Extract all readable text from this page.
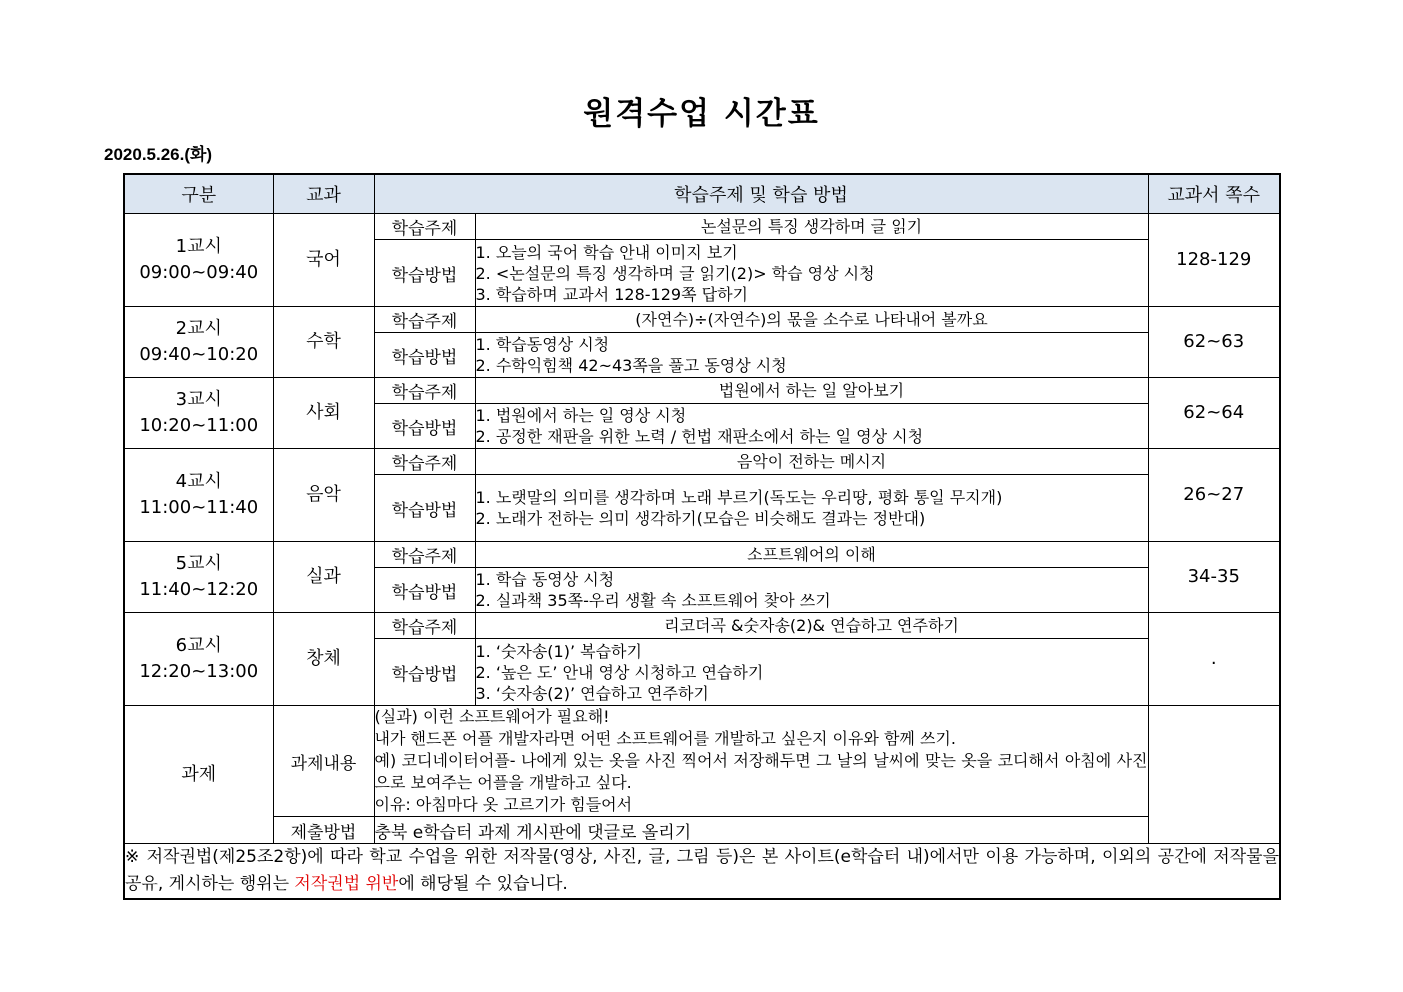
원격수업 시간표
2020.5.26.(화)
구분	교과	학습주제 및 학습 방법		교과서 쪽수

1교시
09:00~09:40	국어	학습주제	논설문의 특징 생각하며 글 읽기	128-129
		학습방법	1. 오늘의 국어 학습 안내 이미지 보기
2. <논설문의 특징 생각하며 글 읽기(2)> 학습 영상 시청
3. 학습하며 교과서 128-129쪽 답하기	

2교시
09:40~10:20	수학	학습주제	(자연수)÷(자연수)의 몫을 소수로 나타내어 볼까요	62~63
		학습방법	1. 학습동영상 시청
2. 수학익힘책 42~43쪽을 풀고 동영상 시청	

3교시
10:20~11:00	사회	학습주제	법원에서 하는 일 알아보기	62~64
		학습방법	1. 법원에서 하는 일 영상 시청
2. 공정한 재판을 위한 노력 / 헌법 재판소에서 하는 일 영상 시청	

4교시
11:00~11:40	음악	학습주제	음악이 전하는 메시지	26~27
		학습방법	1. 노랫말의 의미를 생각하며 노래 부르기(독도는 우리땅, 평화 통일 무지개)
2. 노래가 전하는 의미 생각하기(모습은 비슷해도 결과는 정반대)	

5교시
11:40~12:20	실과	학습주제	소프트웨어의 이해	34-35
		학습방법	1. 학습 동영상 시청
2. 실과책 35쪽-우리 생활 속 소프트웨어 찾아 쓰기	

6교시
12:20~13:00	창체	학습주제	리코더곡 &숫자송(2)& 연습하고 연주하기	.
		학습방법	1. ‘숫자송(1)’ 복습하기
2. ‘높은 도’ 안내 영상 시청하고 연습하기
3. ‘숫자송(2)’ 연습하고 연주하기	

과제	과제내용	(실과) 이런 소프트웨어가 필요해!
내가 핸드폰 어플 개발자라면 어떤 소프트웨어를 개발하고 싶은지 이유와 함께 쓰기.
예) 코디네이터어플- 나에게 있는 옷을 사진 찍어서 저장해두면 그 날의 날씨에 맞는 옷을 코디해서 아침에 사진으로 보여주는 어플을 개발하고 싶다.
이유: 아침마다 옷 고르기가 힘들어서		

	제출방법	충북 e학습터 과제 게시판에 댓글로 올리기		
※ 저작권법(제25조2항)에 따라 학교 수업을 위한 저작물(영상, 사진, 글, 그림 등)은 본 사이트(e학습터 내)에서만 이용 가능하며, 이외의 공간에 저작물을 공유, 게시하는 행위는 저작권법 위반에 해당될 수 있습니다.				
